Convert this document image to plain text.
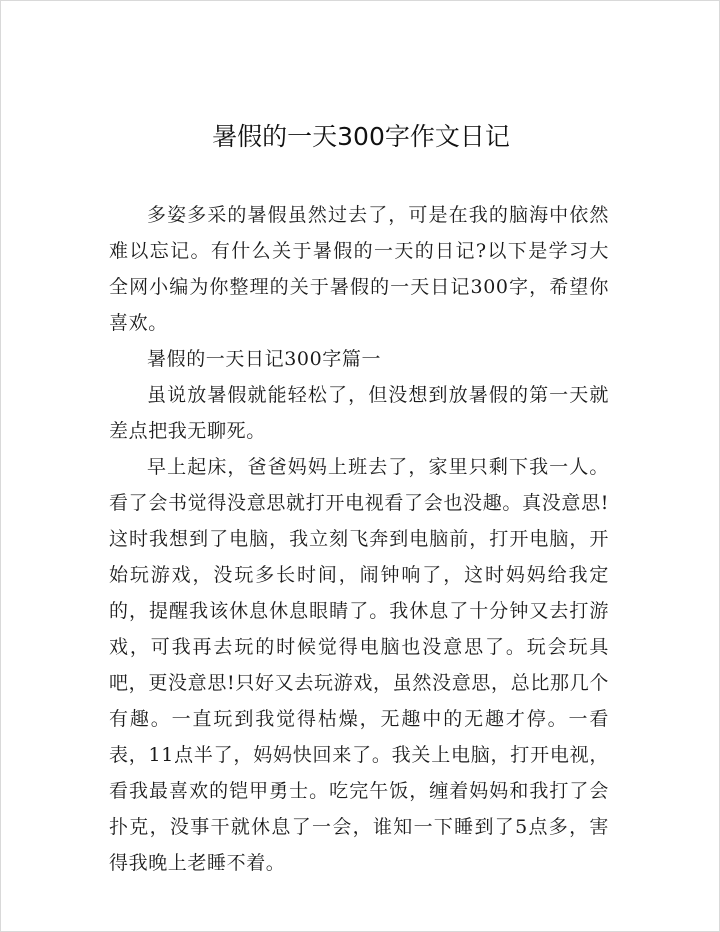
暑假的一天300字作文日记

多姿多采的暑假虽然过去了，可是在我的脑海中依然难以忘记。有什么关于暑假的一天的日记?以下是学习大全网小编为你整理的关于暑假的一天日记300字，希望你喜欢。

暑假的一天日记300字篇一

虽说放暑假就能轻松了，但没想到放暑假的第一天就差点把我无聊死。

早上起床，爸爸妈妈上班去了，家里只剩下我一人。看了会书觉得没意思就打开电视看了会也没趣。真没意思!这时我想到了电脑，我立刻飞奔到电脑前，打开电脑，开始玩游戏，没玩多长时间，闹钟响了，这时妈妈给我定的，提醒我该休息休息眼睛了。我休息了十分钟又去打游戏，可我再去玩的时候觉得电脑也没意思了。玩会玩具吧，更没意思!只好又去玩游戏，虽然没意思，总比那几个有趣。一直玩到我觉得枯燥，无趣中的无趣才停。一看表，11点半了，妈妈快回来了。我关上电脑，打开电视，看我最喜欢的铠甲勇士。吃完午饭，缠着妈妈和我打了会扑克，没事干就休息了一会，谁知一下睡到了5点多，害得我晚上老睡不着。
